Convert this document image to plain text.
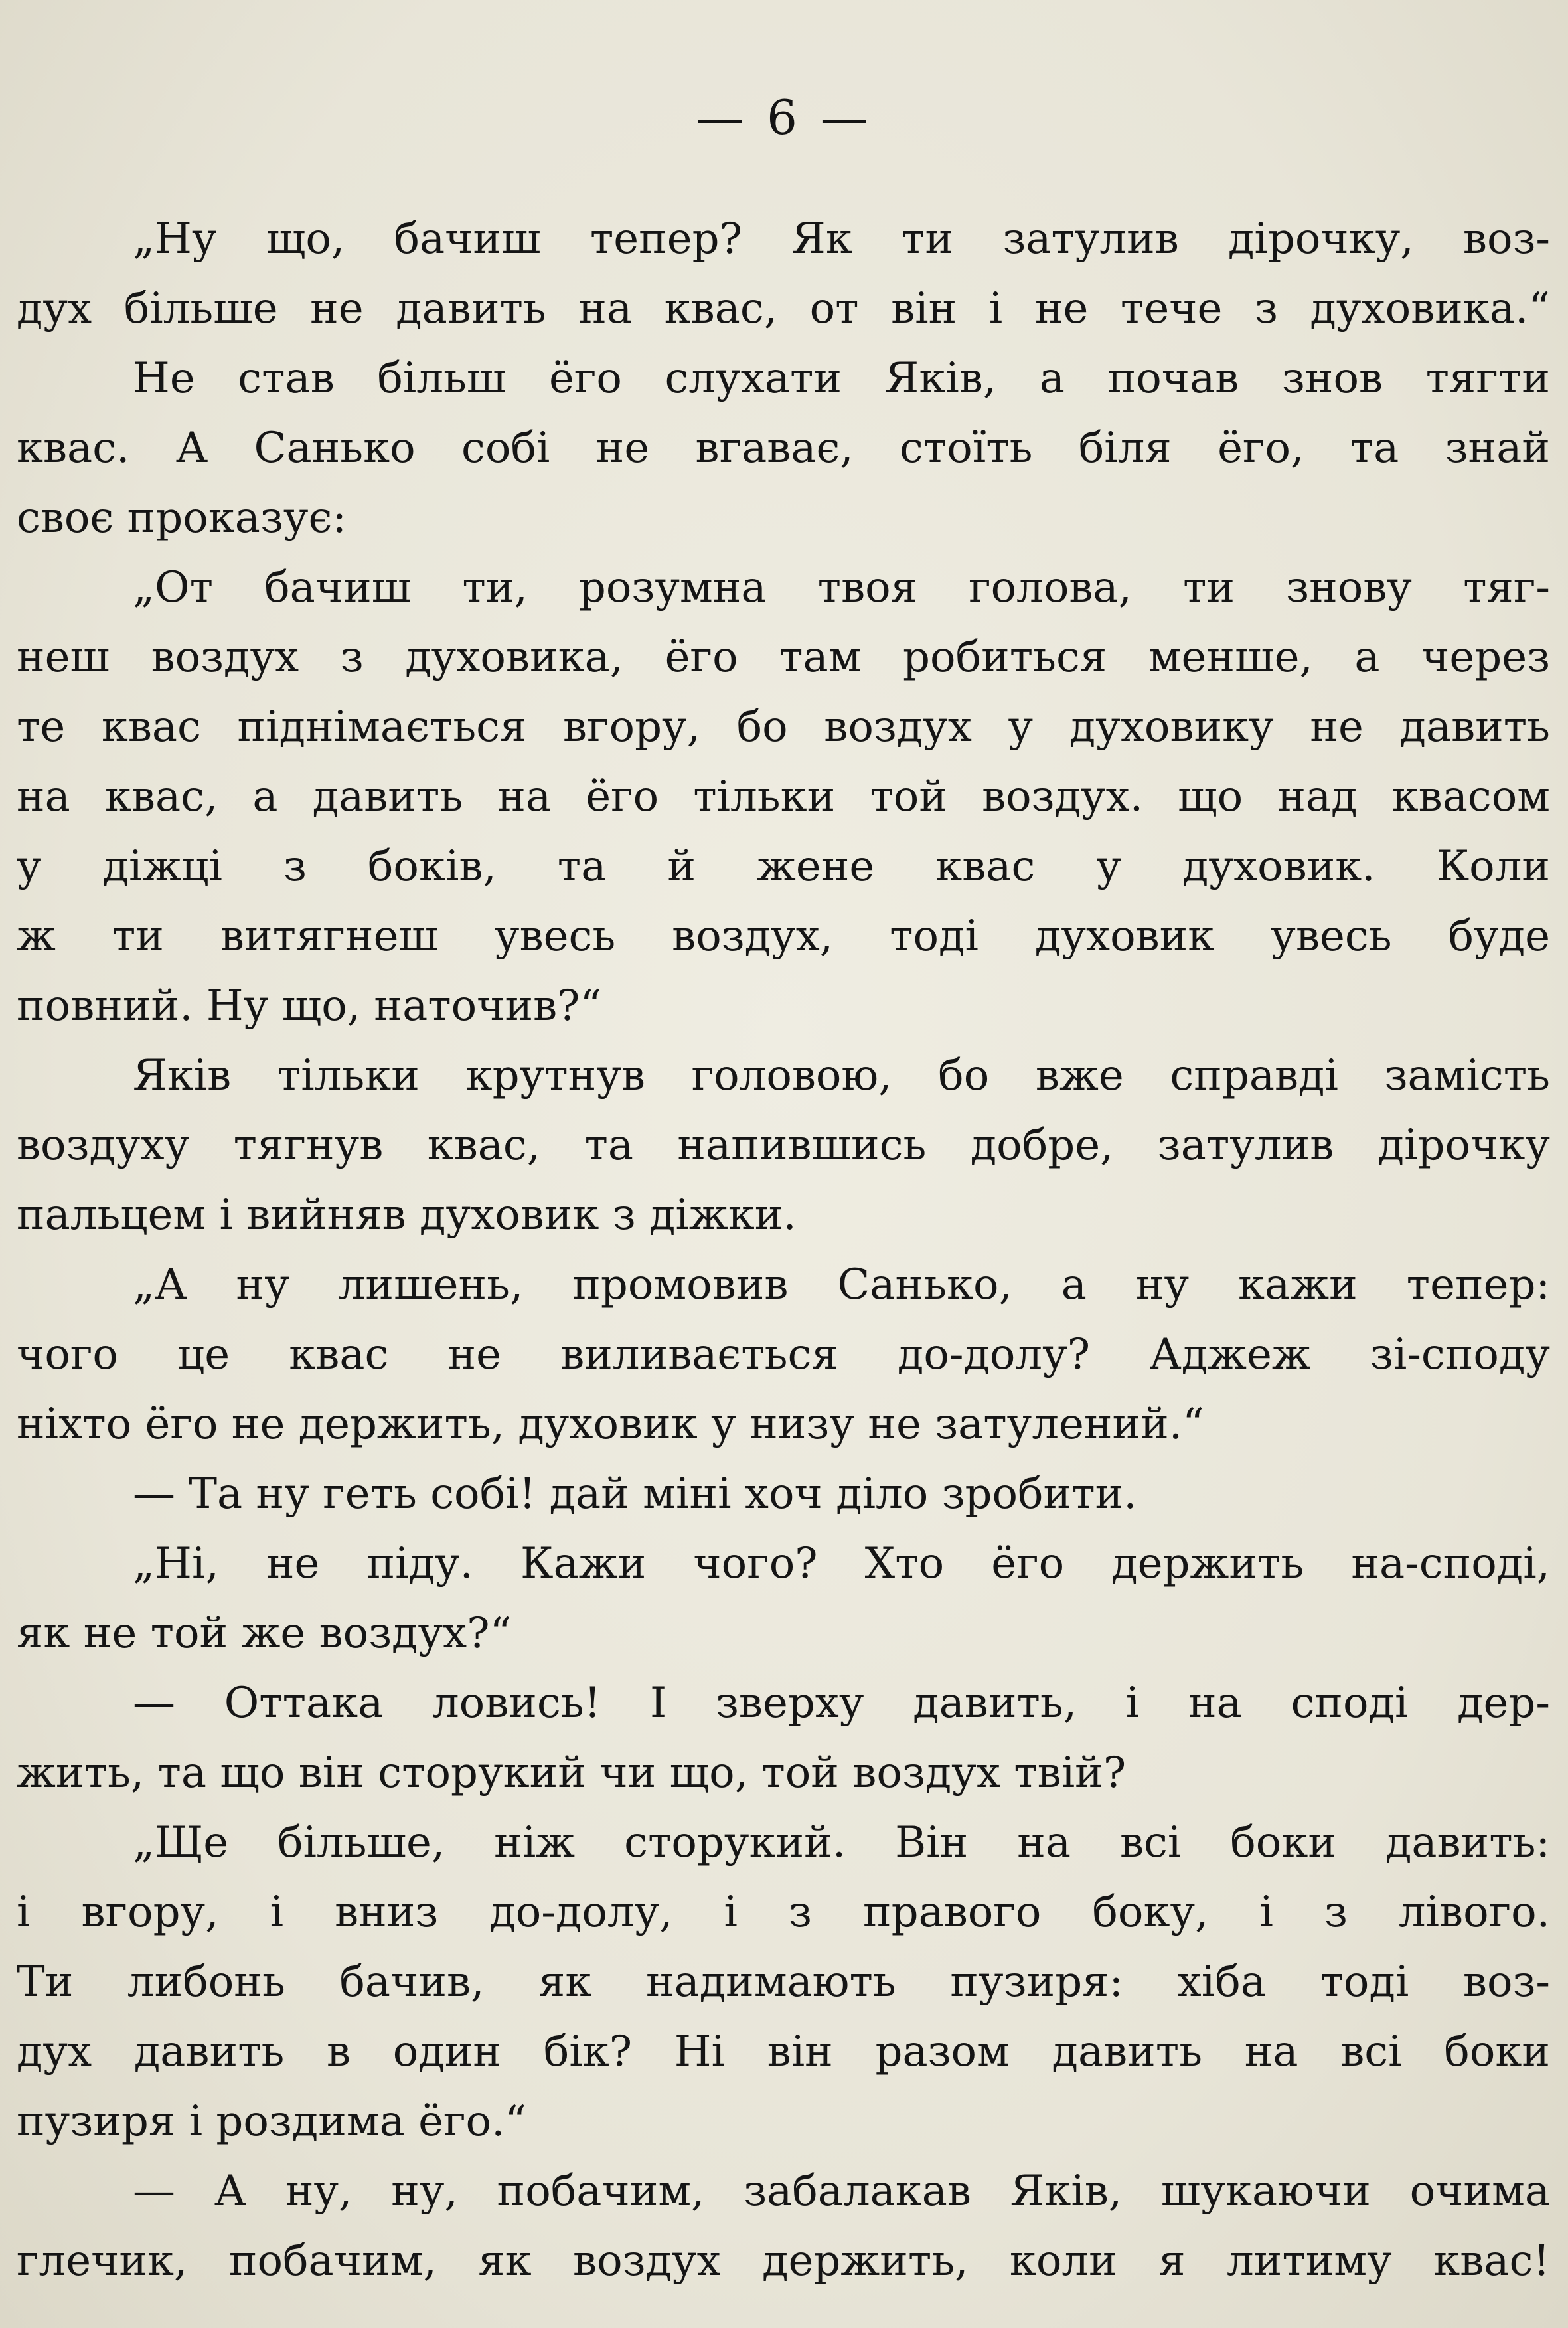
— 6 —
„Ну що, бачиш тепер? Як ти затулив дірочку, воз-
дух більше не давить на квас, от він і не тече з духовика.“
Не став більш ёго слухати Яків, а почав знов тягти
квас. А Санько собі не вгаває, стоїть біля ёго, та знай
своє проказує:
„От бачиш ти, розумна твоя голова, ти знову тяг-
неш воздух з духовика, ёго там робиться менше, а через
те квас піднімається вгору, бо воздух у духовику не давить
на квас, а давить на ёго тільки той воздух. що над квасом
у діжці з боків, та й жене квас у духовик. Коли
ж ти витягнеш увесь воздух, тоді духовик увесь буде
повний. Ну що, наточив?“
Яків тільки крутнув головою, бо вже справді замість
воздуху тягнув квас, та напившись добре, затулив дірочку
пальцем і вийняв духовик з діжки.
„А ну лишень, промовив Санько, а ну кажи тепер:
чого це квас не виливається до-долу? Аджеж зі-споду
ніхто ёго не держить, духовик у низу не затулений.“
— Та ну геть собі! дай міні хоч діло зробити.
„Ні, не піду. Кажи чого? Хто ёго держить на-споді,
як не той же воздух?“
— Оттака ловись! І зверху давить, і на споді дер-
жить, та що він сторукий чи що, той воздух твій?
„Ще більше, ніж сторукий. Він на всі боки давить:
і вгору, і вниз до-долу, і з правого боку, і з лівого.
Ти либонь бачив, як надимають пузиря: хіба тоді воз-
дух давить в один бік? Ні він разом давить на всі боки
пузиря і роздима ёго.“
— А ну, ну, побачим, забалакав Яків, шукаючи очима
глечик, побачим, як воздух держить, коли я литиму квас!
